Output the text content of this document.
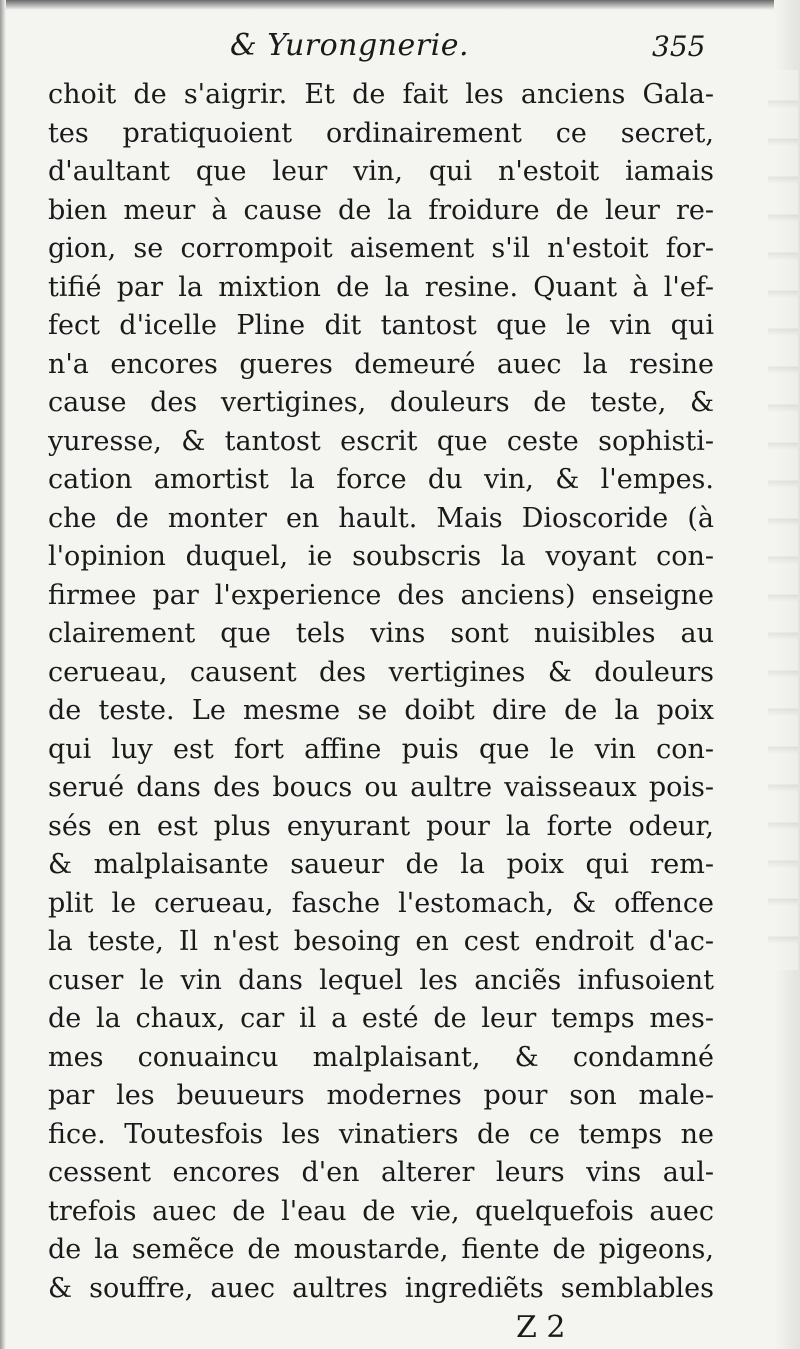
& Yurongnerie.	355
choit de s'aigrir. Et de fait les anciens Gala-
tes pratiquoient ordinairement ce secret,
d'aultant que leur vin, qui n'estoit iamais
bien meur à cause de la froidure de leur re-
gion, se corrompoit aisement s'il n'estoit for-
tifié par la mixtion de la resine. Quant à l'ef-
fect d'icelle Pline dit tantost que le vin qui
n'a encores gueres demeuré auec la resine
cause des vertigines, douleurs de teste, &
yuresse, & tantost escrit que ceste sophisti-
cation amortist la force du vin, & l'empes.
che de monter en hault. Mais Dioscoride (à
l'opinion duquel, ie soubscris la voyant con-
firmee par l'experience des anciens) enseigne
clairement que tels vins sont nuisibles au
cerueau, causent des vertigines & douleurs
de teste. Le mesme se doibt dire de la poix
qui luy est fort affine puis que le vin con-
serué dans des boucs ou aultre vaisseaux pois-
sés en est plus enyurant pour la forte odeur,
& malplaisante saueur de la poix qui rem-
plit le cerueau, fasche l'estomach, & offence
la teste, Il n'est besoing en cest endroit d'ac-
cuser le vin dans lequel les anciẽs infusoient
de la chaux, car il a esté de leur temps mes-
mes conuaincu malplaisant, & condamné
par les beuueurs modernes pour son male-
fice. Toutesfois les vinatiers de ce temps ne
cessent encores d'en alterer leurs vins aul-
trefois auec de l'eau de vie, quelquefois auec
de la semẽce de moustarde, fiente de pigeons,
& souffre, auec aultres ingrediẽts semblables
Z 2
